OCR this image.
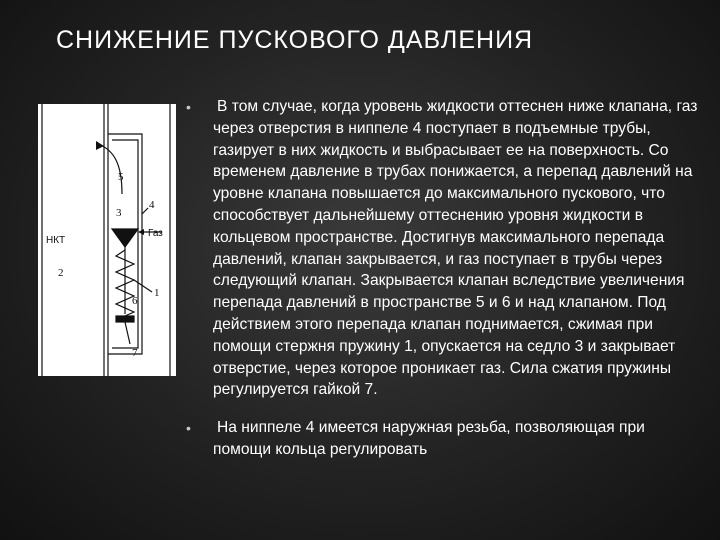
СНИЖЕНИЕ ПУСКОВОГО ДАВЛЕНИЯ
НКТ
Газ
2
5
4
3
6
1
7
• В том случае, когда уровень жидкости оттеснен ниже клапана, газ через отверстия в ниппеле 4 поступает в подъемные трубы, газирует в них жидкость и выбрасывает ее на поверхность. Со временем давление в трубах понижается, а перепад давлений на уровне клапана повышается до максимального пускового, что способствует дальнейшему оттеснению уровня жидкости в кольцевом пространстве. Достигнув максимального перепада давлений, клапан закрывается, и газ поступает в трубы через следующий клапан. Закрывается клапан вследствие увеличения перепада давлений в пространстве 5 и 6 и над клапаном. Под действием этого перепада клапан поднимается, сжимая при помощи стержня пружину 1, опускается на седло 3 и закрывает отверстие, через которое проникает газ. Сила сжатия пружины регулируется гайкой 7.
• На ниппеле 4 имеется наружная резьба, позволяющая при помощи кольца регулировать
